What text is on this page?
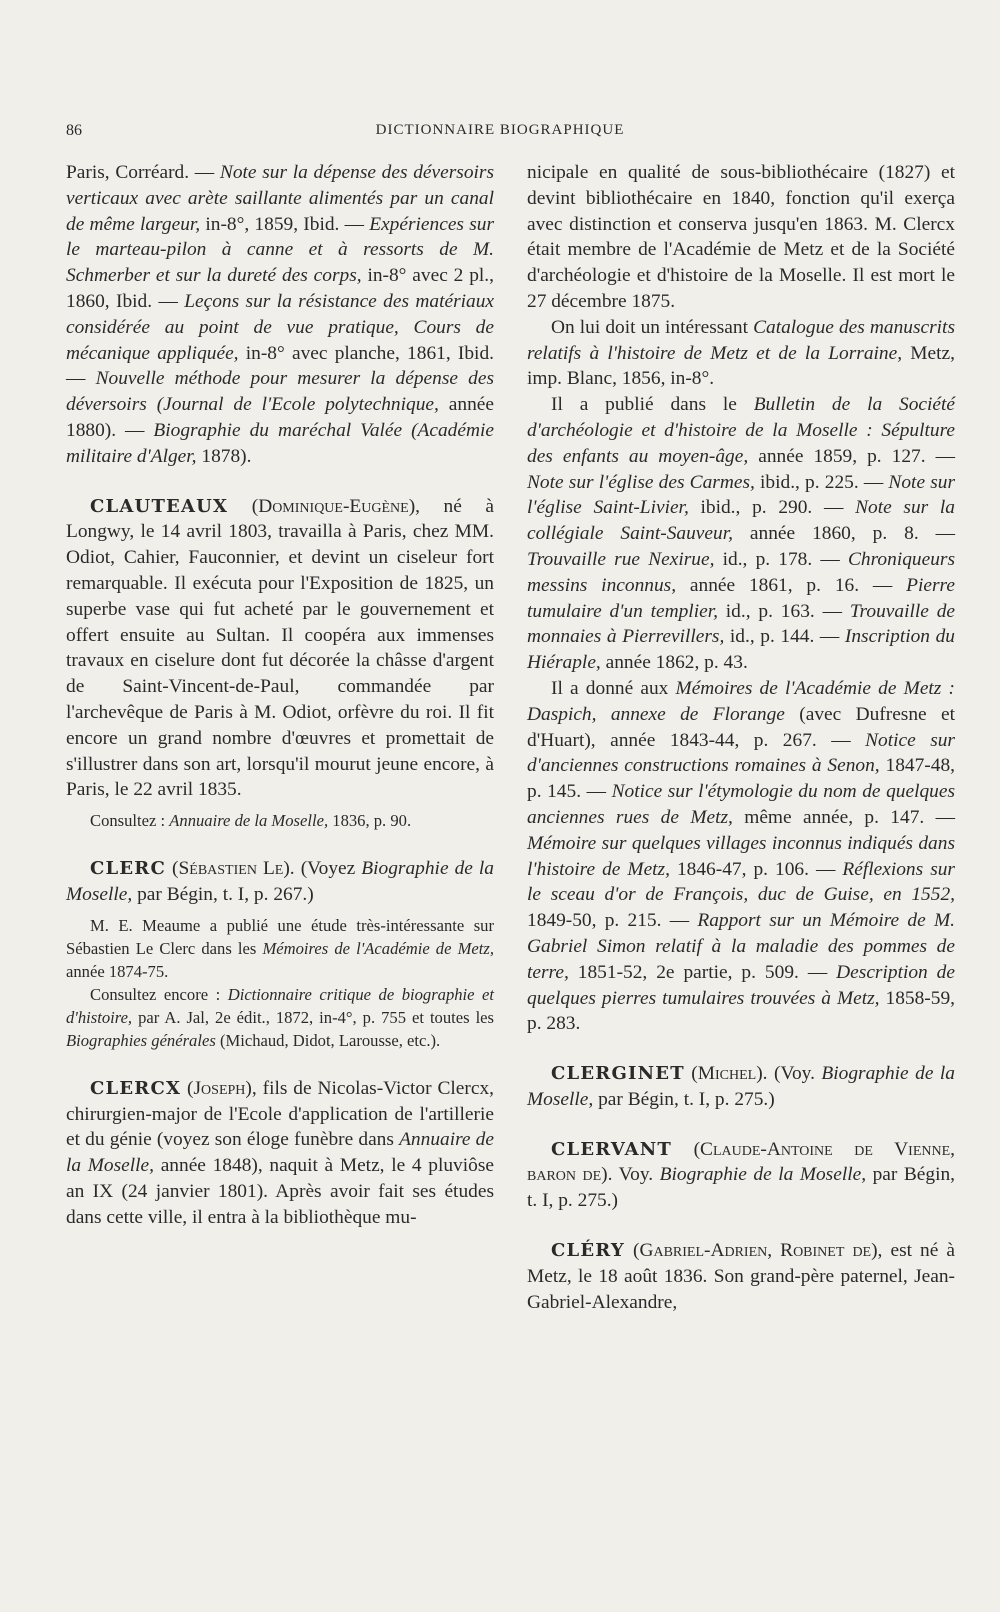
86	DICTIONNAIRE BIOGRAPHIQUE

Paris, Corréard. — Note sur la dépense des déversoirs verticaux avec arète saillante alimentés par un canal de même largeur, in-8°, 1859, Ibid. — Expériences sur le marteau-pilon à canne et à ressorts de M. Schmerber et sur la dureté des corps, in-8° avec 2 pl., 1860, Ibid. — Leçons sur la résistance des matériaux considérée au point de vue pratique, Cours de mécanique appliquée, in-8° avec planche, 1861, Ibid. — Nouvelle méthode pour mesurer la dépense des déversoirs (Journal de l'Ecole polytechnique, année 1880). — Biographie du maréchal Valée (Académie militaire d'Alger, 1878).

CLAUTEAUX (Dominique-Eugène), né à Longwy, le 14 avril 1803, travailla à Paris, chez MM. Odiot, Cahier, Fauconnier, et devint un ciseleur fort remarquable. Il exécuta pour l'Exposition de 1825, un superbe vase qui fut acheté par le gouvernement et offert ensuite au Sultan. Il coopéra aux immenses travaux en ciselure dont fut décorée la châsse d'argent de Saint-Vincent-de-Paul, commandée par l'archevêque de Paris à M. Odiot, orfèvre du roi. Il fit encore un grand nombre d'œuvres et promettait de s'illustrer dans son art, lorsqu'il mourut jeune encore, à Paris, le 22 avril 1835.

Consultez : Annuaire de la Moselle, 1836, p. 90.

CLERC (Sébastien Le). (Voyez Biographie de la Moselle, par Bégin, t. I, p. 267.)

M. E. Meaume a publié une étude très-intéressante sur Sébastien Le Clerc dans les Mémoires de l'Académie de Metz, année 1874-75.

Consultez encore : Dictionnaire critique de biographie et d'histoire, par A. Jal, 2e édit., 1872, in-4°, p. 755 et toutes les Biographies générales (Michaud, Didot, Larousse, etc.).

CLERCX (Joseph), fils de Nicolas-Victor Clercx, chirurgien-major de l'Ecole d'application de l'artillerie et du génie (voyez son éloge funèbre dans Annuaire de la Moselle, année 1848), naquit à Metz, le 4 pluviôse an IX (24 janvier 1801). Après avoir fait ses études dans cette ville, il entra à la bibliothèque mu-

nicipale en qualité de sous-bibliothécaire (1827) et devint bibliothécaire en 1840, fonction qu'il exerça avec distinction et conserva jusqu'en 1863. M. Clercx était membre de l'Académie de Metz et de la Société d'archéologie et d'histoire de la Moselle. Il est mort le 27 décembre 1875.

On lui doit un intéressant Catalogue des manuscrits relatifs à l'histoire de Metz et de la Lorraine, Metz, imp. Blanc, 1856, in-8°.

Il a publié dans le Bulletin de la Société d'archéologie et d'histoire de la Moselle : Sépulture des enfants au moyen-âge, année 1859, p. 127. — Note sur l'église des Carmes, ibid., p. 225. — Note sur l'église Saint-Livier, ibid., p. 290. — Note sur la collégiale Saint-Sauveur, année 1860, p. 8. — Trouvaille rue Nexirue, id., p. 178. — Chroniqueurs messins inconnus, année 1861, p. 16. — Pierre tumulaire d'un templier, id., p. 163. — Trouvaille de monnaies à Pierrevillers, id., p. 144. — Inscription du Hiéraple, année 1862, p. 43.

Il a donné aux Mémoires de l'Académie de Metz : Daspich, annexe de Florange (avec Dufresne et d'Huart), année 1843-44, p. 267. — Notice sur d'anciennes constructions romaines à Senon, 1847-48, p. 145. — Notice sur l'étymologie du nom de quelques anciennes rues de Metz, même année, p. 147. — Mémoire sur quelques villages inconnus indiqués dans l'histoire de Metz, 1846-47, p. 106. — Réflexions sur le sceau d'or de François, duc de Guise, en 1552, 1849-50, p. 215. — Rapport sur un Mémoire de M. Gabriel Simon relatif à la maladie des pommes de terre, 1851-52, 2e partie, p. 509. — Description de quelques pierres tumulaires trouvées à Metz, 1858-59, p. 283.

CLERGINET (Michel). (Voy. Biographie de la Moselle, par Bégin, t. I, p. 275.)

CLERVANT (Claude-Antoine de Vienne, baron de). Voy. Biographie de la Moselle, par Bégin, t. I, p. 275.)

CLÉRY (Gabriel-Adrien, Robinet de), est né à Metz, le 18 août 1836. Son grand-père paternel, Jean-Gabriel-Alexandre,
